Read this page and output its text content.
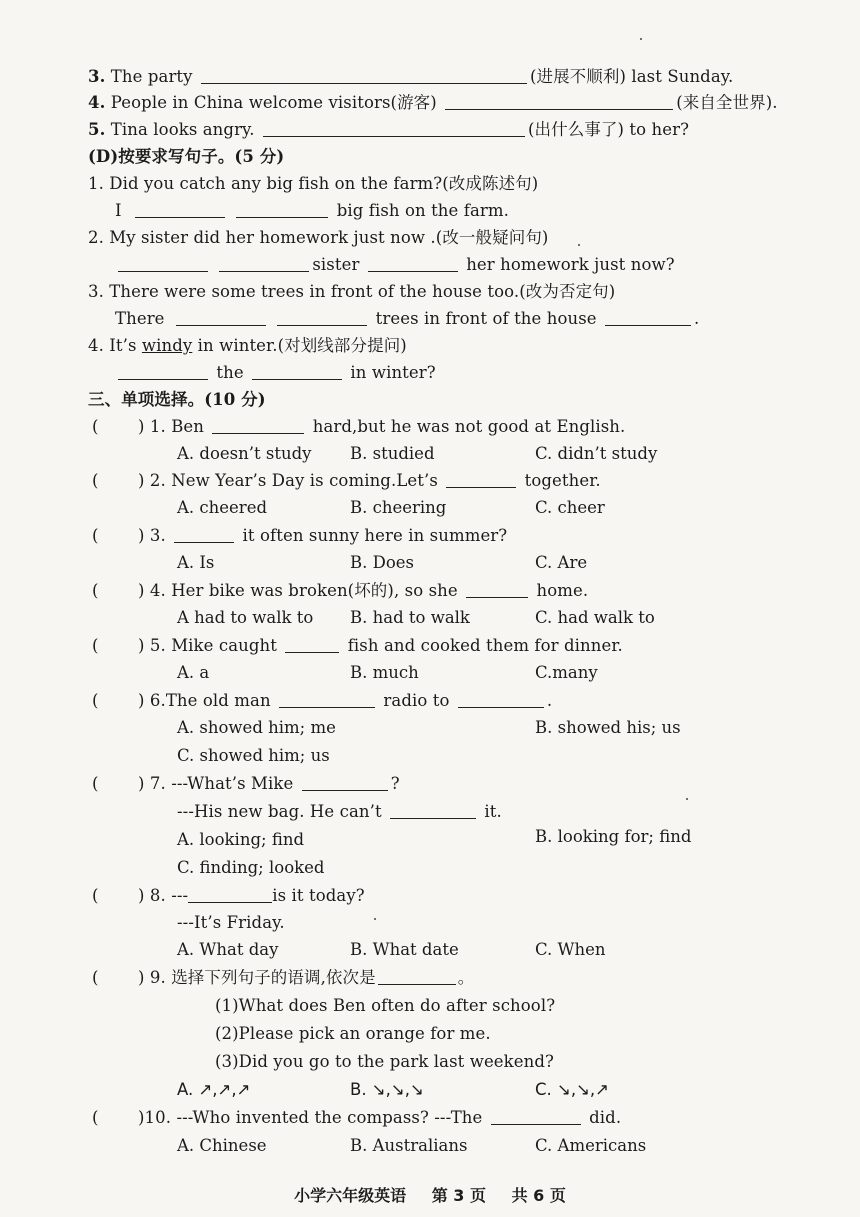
3. The party	(进展不顺利) last Sunday.
4. People in China welcome visitors(游客)	(来自全世界).
5. Tina looks angry.	(出什么事了) to her?
(D)按要求写句子。(5 分)
1. Did you catch any big fish on the farm?(改成陈述句)
I	big fish on the farm.
2. My sister did her homework just now .(改一般疑问句)
sister	her homework just now?
3. There were some trees in front of the house too.(改为否定句)
There	trees in front of the house	.
4. It’s windy in winter.(对划线部分提问)
the	in winter?
三、单项选择。(10 分)
( ) 1. Ben	hard,but he was not good at English.
A. doesn’t study B. studied	C. didn’t study
( ) 2. New Year’s Day is coming.Let’s	together.
A. cheered	B. cheering	C. cheer
( ) 3.	it often sunny here in summer?
A. Is	B. Does	C. Are
( ) 4. Her bike was broken(坏的), so she	home.
A had to walk to B. had to walk	C. had walk to
( ) 5. Mike caught	fish and cooked them for dinner.
A. a	B. much	C.many
( ) 6.The old man	radio to	.
A. showed him; me	B. showed his; us
C. showed him; us
( ) 7. ---What’s Mike	?
---His new bag. He can’t	it.
A. looking; find	B. looking for; find
C. finding; looked
( ) 8. ---	is it today?
---It’s Friday.
A. What day	B. What date	C. When
( ) 9. 选择下列句子的语调,依次是	。
(1)What does Ben often do after school?
(2)Please pick an orange for me.
(3)Did you go to the park last weekend?
A. ↗,↗,↗	B. ↘,↘,↘	C. ↘,↘,↗
( )10. ---Who invented the compass? ---The	did.
A. Chinese	B. Australians	C. Americans
小学六年级英语 第 3 页 共 6 页
